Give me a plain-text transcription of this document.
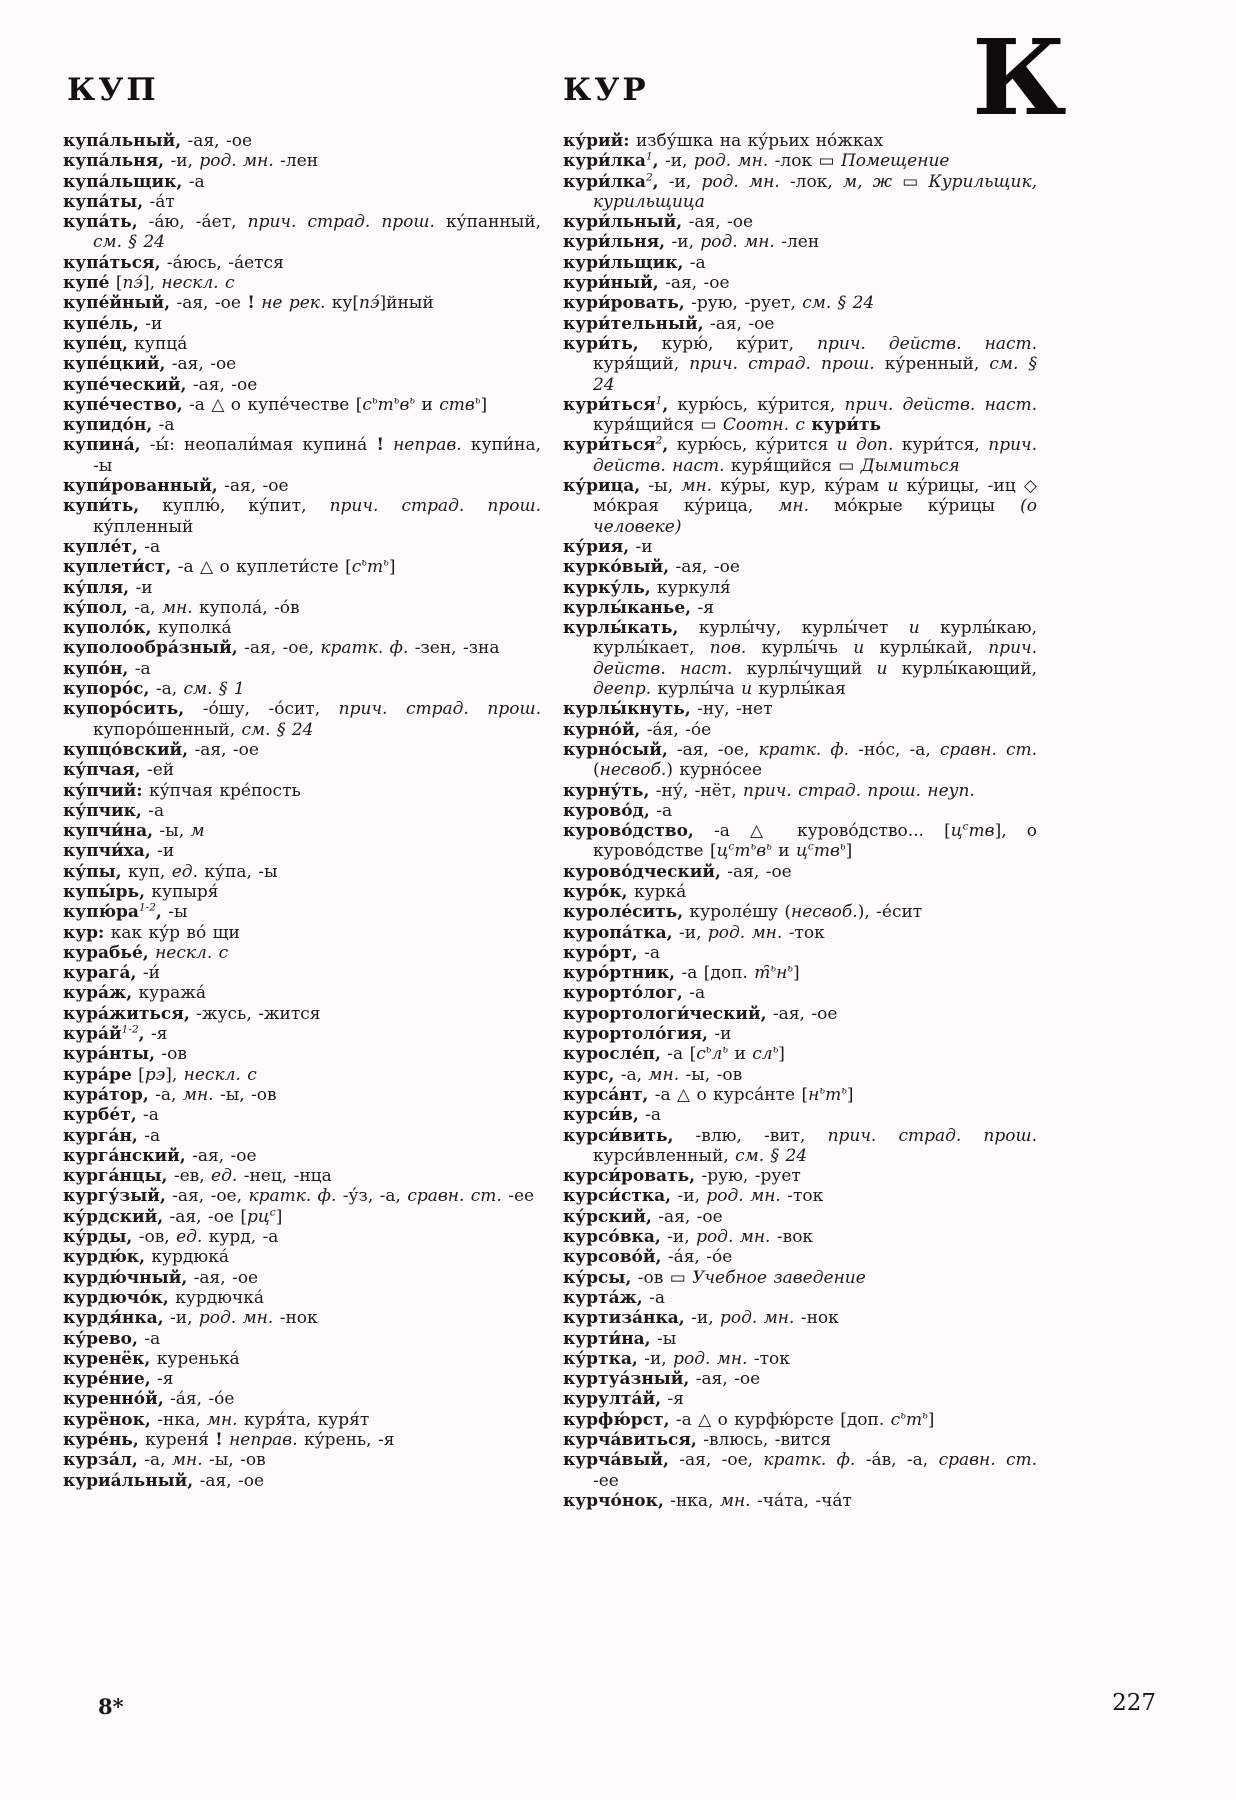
КУП	КУР	К

купа́льный, -ая, -ое

купа́льня, -и, род. мн. -лен

купа́льщик, -а

купа́ты, -а́т

купа́ть, -а́ю, -а́ет, прич. страд. прош. ку́панный, см. § 24

купа́ться, -а́юсь, -а́ется

купе́ [пэ́], нескл. с

купе́йный, -ая, -ое ! не рек. ку[пэ́]йный

купе́ль, -и

купе́ц, купца́

купе́цкий, -ая, -ое

купе́ческий, -ая, -ое

купе́чество, -а △ о купе́честве [$с^ьт^ьв^ь$ и ств$^ь$]

купидо́н, -а

купина́, -ы́: неопали́мая купина́ ! неправ. купи́на, -ы

купи́рованный, -ая, -ое

купи́ть, куплю́, ку́пит, прич. страд. прош. ку́пленный

купле́т, -а

куплети́ст, -а △ о куплети́сте $[с^ьт^ь]$

ку́пля, -и

ку́пол, -а, мн. купола́, -о́в

куполо́к, куполка́

куполообра́зный, -ая, -ое, кратк. ф. -зен, -зна

купо́н, -а

купоро́с, -а, см. § 1

купоро́сить, -о́шу, -о́сит, прич. страд. прош. купоро́шенный, см. § 24

купцо́вский, -ая, -ое

ку́пчая, -ей

ку́пчий: ку́пчая кре́пость

ку́пчик, -а

купчи́на, -ы, м

купчи́ха, -и

ку́пы, куп, ед. ку́па, -ы

купы́рь, купыря́

$купю́ра^{1-2}$, -ы

кур: как ку́р во́ щи

курабье́, нескл. с

курага́, -и́

кура́ж, куража́

кура́житься, -жусь, -жится

$кура́й^{1-2}$, -я

кура́нты, -ов

кура́ре [рэ], нескл. с

кура́тор, -а, мн. -ы, -ов

курбе́т, -а

курга́н, -а

курга́нский, -ая, -ое

курга́нцы, -ев, ед. -нец, -нца

кургу́зый, -ая, -ое, кратк. ф. -у́з, -а, сравн. ст. -ее

ку́рдский, -ая, -ое $[рц^с]$

ку́рды, -ов, ед. курд, -а

курдю́к, курдюка́

курдю́чный, -ая, -ое

курдючо́к, курдючка́

курдя́нка, -и, род. мн. -нок

ку́рево, -а

куренёк, куренька́

куре́ние, -я

куренно́й, -а́я, -о́е

курёнок, -нка, мн. куря́та, куря́т

куре́нь, куреня́ ! неправ. ку́рень, -я

курза́л, -а, мн. -ы, -ов

куриа́льный, -ая, -ое

ку́рий: избу́шка на ку́рьих но́жках

кури́лка$^1$, -и, род. мн. -лок ▭ Помещение

кури́лка$^2$, -и, род. мн. -лок, м, ж ▭ Курильщик, курильщица

кури́льный, -ая, -ое

кури́льня, -и, род. мн. -лен

кури́льщик, -а

кури́ный, -ая, -ое

кури́ровать, -рую, -рует, см. § 24

кури́тельный, -ая, -ое

кури́ть, курю́, ку́рит, прич. действ. наст. куря́щий, прич. страд. прош. ку́ренный, см. § 24

кури́ться$^1$, курю́сь, ку́рится, прич. действ. наст. куря́щийся ▭ Соотн. с кури́ть

кури́ться$^2$, курю́сь, ку́рится и доп. кури́тся, прич. действ. наст. куря́щийся ▭ Дымиться

ку́рица, -ы, мн. ку́ры, кур, ку́рам и ку́рицы, -иц ◇ мо́края ку́рица, мн. мо́крые ку́рицы (о человеке)

ку́рия, -и

курко́вый, -ая, -ое

курку́ль, куркуля́

курлы́канье, -я

курлы́кать, курлы́чу, курлы́чет и курлы́каю, курлы́кает, пов. курлы́чь и курлы́кай, прич. действ. наст. курлы́чущий и курлы́кающий, деепр. курлы́ча и курлы́кая

курлы́кнуть, -ну, -нет

курно́й, -а́я, -о́е

курно́сый, -ая, -ое, кратк. ф. -но́с, -а, сравн. ст. (несвоб.) курно́сее

курну́ть, -ну́, -нёт, прич. страд. прош. неуп.

курово́д, -а

курово́дство, -а △ курово́дство... $[ц^ств]$, о курово́дстве [$ц^ст^ьв^ь$ и $ц^ств^ь$]

курово́дческий, -ая, -ое

куро́к, курка́

куроле́сить, куроле́шу (несвоб.), -е́сит

куропа́тка, -и, род. мн. -ток

куро́рт, -а

куро́ртник, -а [доп. $т̑^ьн^ь$]

курорто́лог, -а

курортологи́ческий, -ая, -ое

курортоло́гия, -и

куросле́п, -а [$с^ьл^ь$ и $сл^ь$]

курс, -а, мн. -ы, -ов

курса́нт, -а △ о курса́нте $[н^ьт^ь]$

курси́в, -а

курси́вить, -влю, -вит, прич. страд. прош. курси́вленный, см. § 24

курси́ровать, -рую, -рует

курси́стка, -и, род. мн. -ток

ку́рский, -ая, -ое

курсо́вка, -и, род. мн. -вок

курсово́й, -а́я, -о́е

ку́рсы, -ов ▭ Учебное заведение

курта́ж, -а

куртиза́нка, -и, род. мн. -нок

курти́на, -ы

ку́ртка, -и, род. мн. -ток

куртуа́зный, -ая, -ое

курулта́й, -я

курфю́рст, -а △ о курфю́рсте [доп. $с^ьт^ь$]

курча́виться, -влюсь, -вится

курча́вый, -ая, -ое, кратк. ф. -а́в, -а, сравн. ст. -ее

курчо́нок, -нка, мн. -ча́та, -ча́т

8*	227
